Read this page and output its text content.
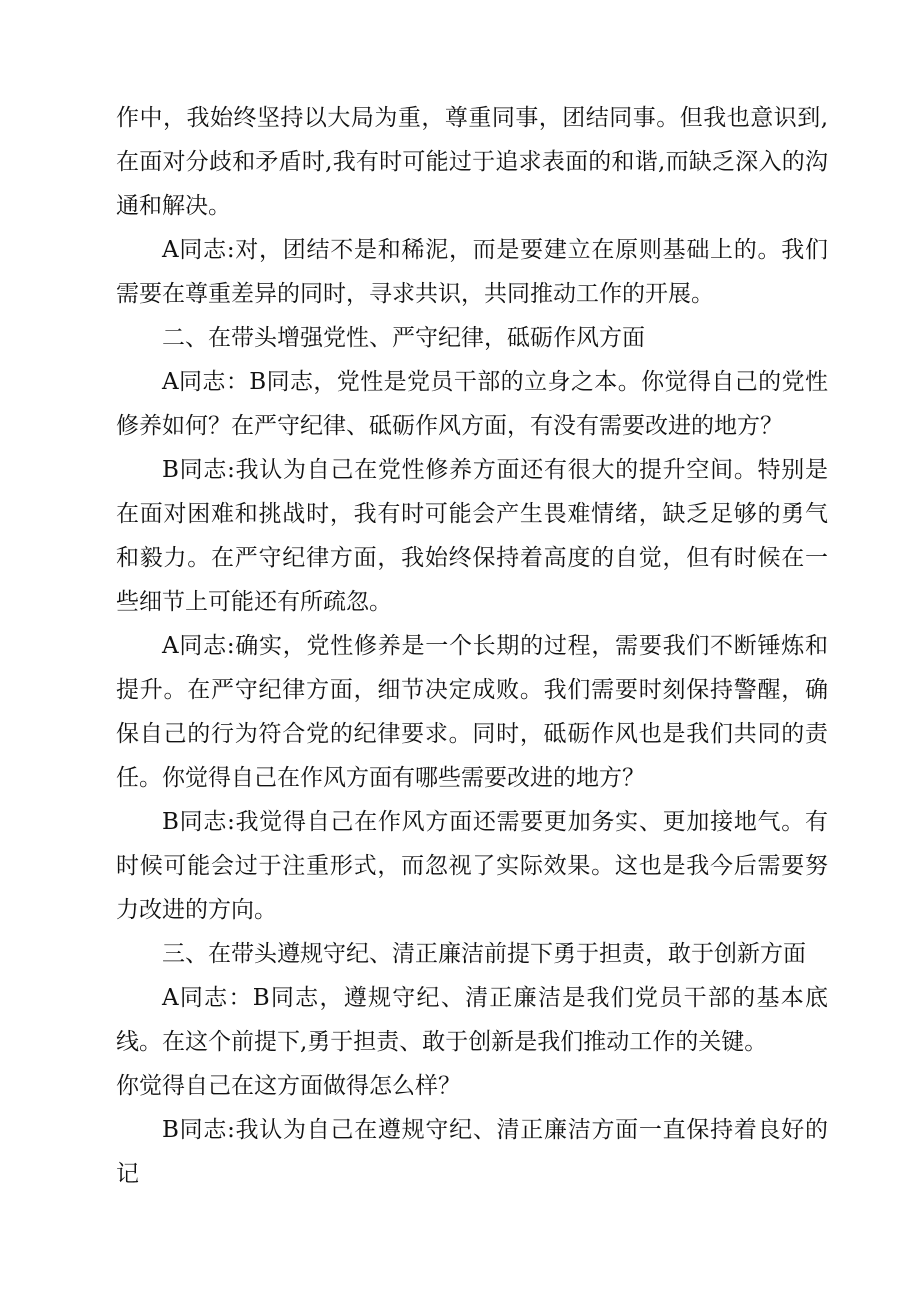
作中，我始终坚持以大局为重，尊重同事，团结同事。但我也意识到,在面对分歧和矛盾时,我有时可能过于追求表面的和谐,而缺乏深入的沟通和解决。

A同志:对，团结不是和稀泥，而是要建立在原则基础上的。我们需要在尊重差异的同时，寻求共识，共同推动工作的开展。

二、在带头增强党性、严守纪律，砥砺作风方面

A同志：B同志，党性是党员干部的立身之本。你觉得自己的党性修养如何？在严守纪律、砥砺作风方面，有没有需要改进的地方？

B同志:我认为自己在党性修养方面还有很大的提升空间。特别是在面对困难和挑战时，我有时可能会产生畏难情绪，缺乏足够的勇气和毅力。在严守纪律方面，我始终保持着高度的自觉，但有时候在一些细节上可能还有所疏忽。

A同志:确实，党性修养是一个长期的过程，需要我们不断锤炼和提升。在严守纪律方面，细节决定成败。我们需要时刻保持警醒，确保自己的行为符合党的纪律要求。同时，砥砺作风也是我们共同的责任。你觉得自己在作风方面有哪些需要改进的地方？

B同志:我觉得自己在作风方面还需要更加务实、更加接地气。有时候可能会过于注重形式，而忽视了实际效果。这也是我今后需要努力改进的方向。

三、在带头遵规守纪、清正廉洁前提下勇于担责，敢于创新方面

A同志：B同志，遵规守纪、清正廉洁是我们党员干部的基本底线。在这个前提下,勇于担责、敢于创新是我们推动工作的关键。

你觉得自己在这方面做得怎么样？

B同志:我认为自己在遵规守纪、清正廉洁方面一直保持着良好的记
